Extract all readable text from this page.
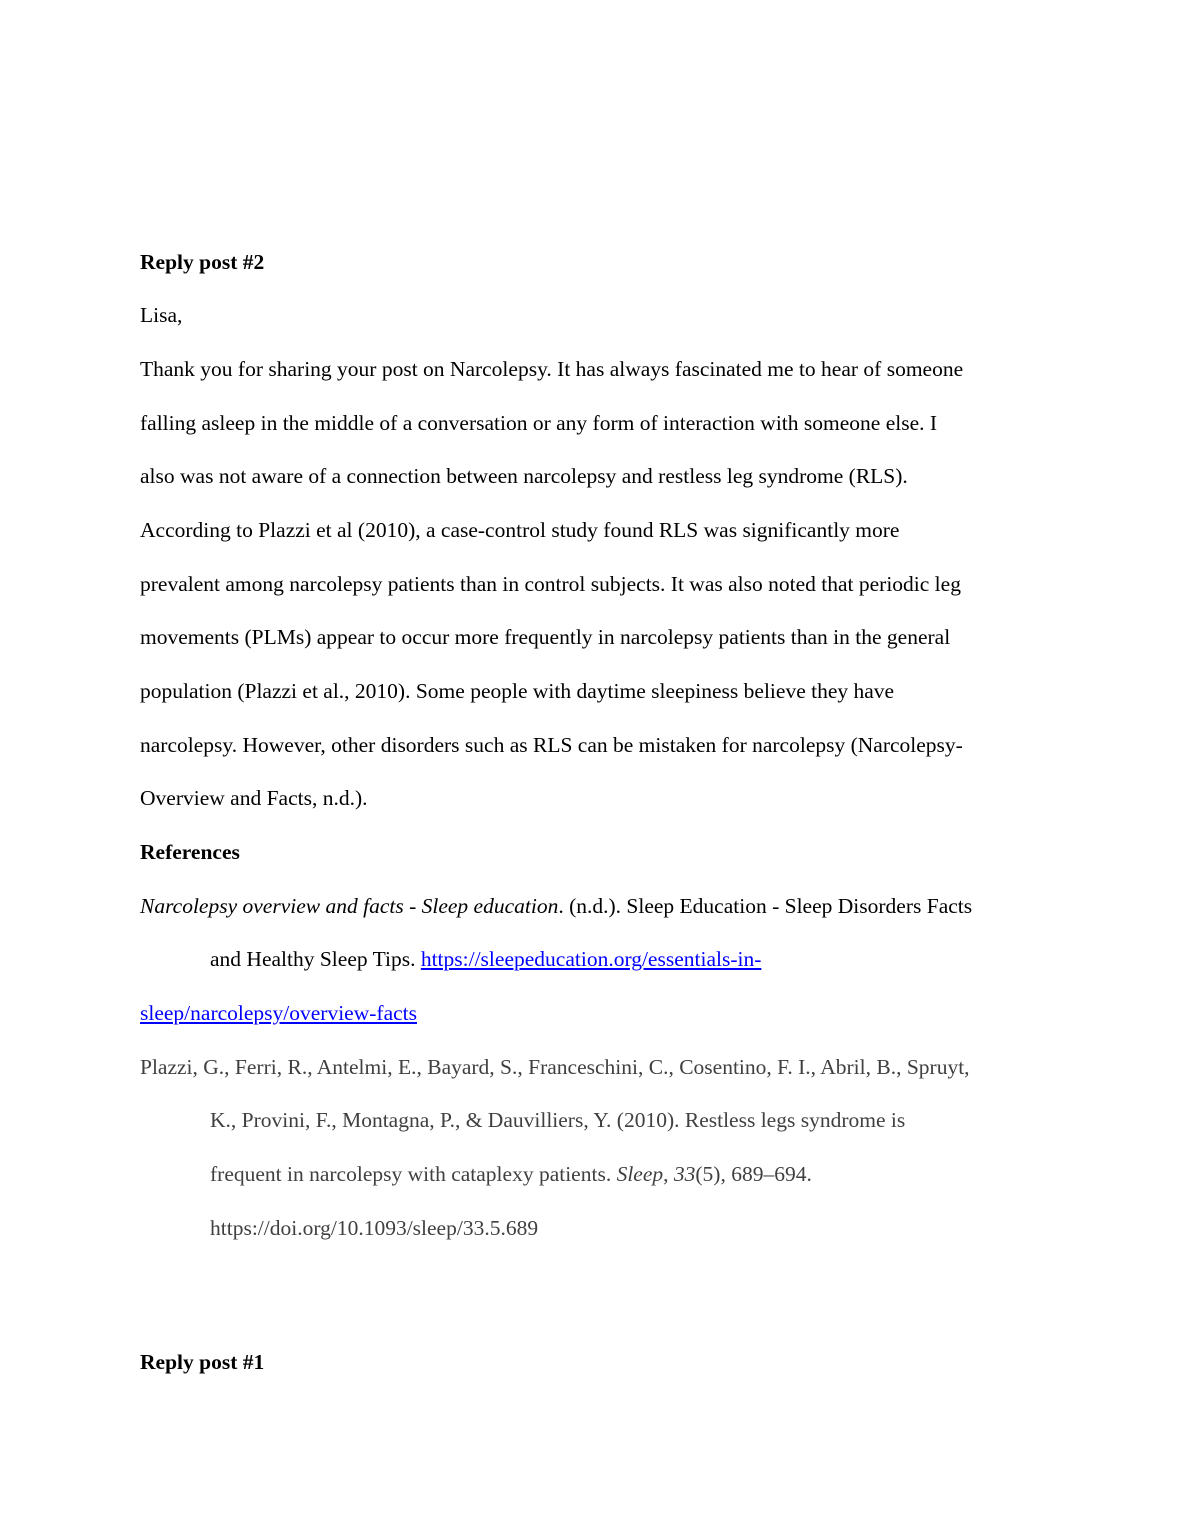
Reply post #2

Lisa,

Thank you for sharing your post on Narcolepsy. It has always fascinated me to hear of someone

falling asleep in the middle of a conversation or any form of interaction with someone else. I

also was not aware of a connection between narcolepsy and restless leg syndrome (RLS).

According to Plazzi et al (2010), a case-control study found RLS was significantly more

prevalent among narcolepsy patients than in control subjects. It was also noted that periodic leg

movements (PLMs) appear to occur more frequently in narcolepsy patients than in the general

population (Plazzi et al., 2010). Some people with daytime sleepiness believe they have

narcolepsy. However, other disorders such as RLS can be mistaken for narcolepsy (Narcolepsy-

Overview and Facts, n.d.).

References

Narcolepsy overview and facts - Sleep education. (n.d.). Sleep Education - Sleep Disorders Facts

and Healthy Sleep Tips. https://sleepeducation.org/essentials-in-

sleep/narcolepsy/overview-facts

Plazzi, G., Ferri, R., Antelmi, E., Bayard, S., Franceschini, C., Cosentino, F. I., Abril, B., Spruyt,

K., Provini, F., Montagna, P., & Dauvilliers, Y. (2010). Restless legs syndrome is

frequent in narcolepsy with cataplexy patients. Sleep, 33(5), 689–694.

https://doi.org/10.1093/sleep/33.5.689

Reply post #1
